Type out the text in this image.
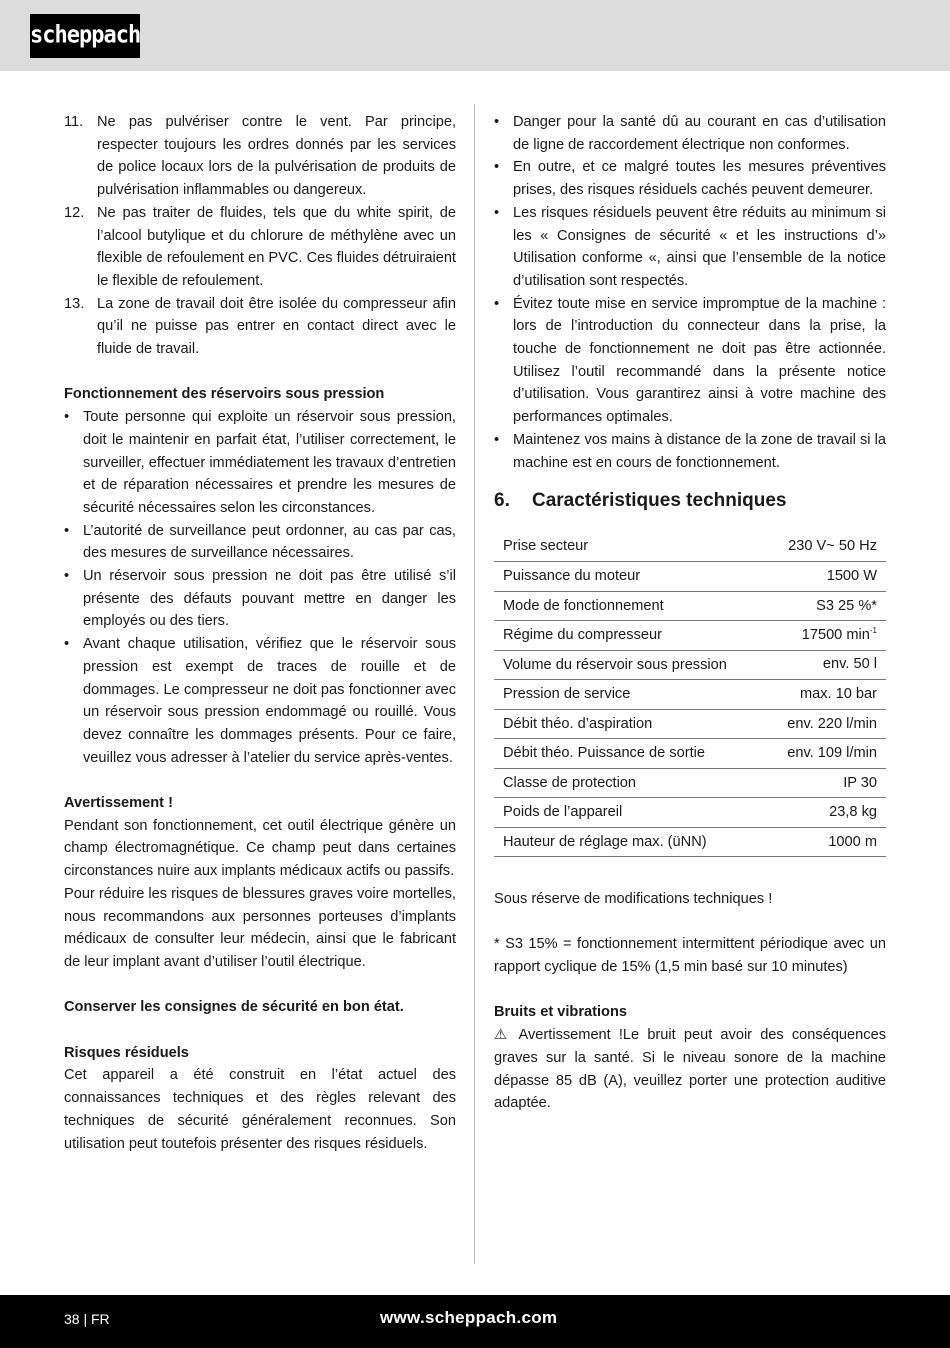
scheppach
11. Ne pas pulvériser contre le vent. Par principe, respecter toujours les ordres donnés par les services de police locaux lors de la pulvérisation de produits de pulvérisation inflammables ou dangereux.
12. Ne pas traiter de fluides, tels que du white spirit, de l’alcool butylique et du chlorure de méthylène avec un flexible de refoulement en PVC. Ces fluides détruiraient le flexible de refoulement.
13. La zone de travail doit être isolée du compresseur afin qu’il ne puisse pas entrer en contact direct avec le fluide de travail.
Fonctionnement des réservoirs sous pression
• Toute personne qui exploite un réservoir sous pression, doit le maintenir en parfait état, l’utiliser correctement, le surveiller, effectuer immédiatement les travaux d’entretien et de réparation nécessaires et prendre les mesures de sécurité nécessaires selon les circonstances.
• L’autorité de surveillance peut ordonner, au cas par cas, des mesures de surveillance nécessaires.
• Un réservoir sous pression ne doit pas être utilisé s’il présente des défauts pouvant mettre en danger les employés ou des tiers.
• Avant chaque utilisation, vérifiez que le réservoir sous pression est exempt de traces de rouille et de dommages. Le compresseur ne doit pas fonctionner avec un réservoir sous pression endommagé ou rouillé. Vous devez connaître les dommages présents. Pour ce faire, veuillez vous adresser à l’atelier du service après-ventes.
Avertissement !
Pendant son fonctionnement, cet outil électrique génère un champ électromagnétique. Ce champ peut dans certaines circonstances nuire aux implants médicaux actifs ou passifs.
Pour réduire les risques de blessures graves voire mortelles, nous recommandons aux personnes porteuses d’implants médicaux de consulter leur médecin, ainsi que le fabricant de leur implant avant d’utiliser l’outil électrique.
Conserver les consignes de sécurité en bon état.
Risques résiduels
Cet appareil a été construit en l’état actuel des connaissances techniques et des règles relevant des techniques de sécurité généralement reconnues. Son utilisation peut toutefois présenter des risques résiduels.
• Danger pour la santé dû au courant en cas d’utilisation de ligne de raccordement électrique non conformes.
• En outre, et ce malgré toutes les mesures préventives prises, des risques résiduels cachés peuvent demeurer.
• Les risques résiduels peuvent être réduits au minimum si les « Consignes de sécurité « et les instructions d’» Utilisation conforme «, ainsi que l’ensemble de la notice d’utilisation sont respectés.
• Évitez toute mise en service impromptue de la machine : lors de l’introduction du connecteur dans la prise, la touche de fonctionnement ne doit pas être actionnée. Utilisez l’outil recommandé dans la présente notice d’utilisation. Vous garantirez ainsi à votre machine des performances optimales.
• Maintenez vos mains à distance de la zone de travail si la machine est en cours de fonctionnement.
6. Caractéristiques techniques
Prise secteur	230 V~ 50 Hz
Puissance du moteur	1500 W
Mode de fonctionnement	S3 25 %*
Régime du compresseur	17500 $\min^{-1}$
Volume du réservoir sous pression	env. 50 l
Pression de service	max. 10 bar
Débit théo. d’aspiration	env. 220 l/min
Débit théo. Puissance de sortie	env. 109 l/min
Classe de protection	IP 30
Poids de l’appareil	23,8 kg
Hauteur de réglage max. (üNN)	1000 m
Sous réserve de modifications techniques !
* S3 15% = fonctionnement intermittent périodique avec un rapport cyclique de 15% (1,5 min basé sur 10 minutes)
Bruits et vibrations
⚠ Avertissement !Le bruit peut avoir des conséquences graves sur la santé. Si le niveau sonore de la machine dépasse 85 dB (A), veuillez porter une protection auditive adaptée.
38 | FR	www.scheppach.com
